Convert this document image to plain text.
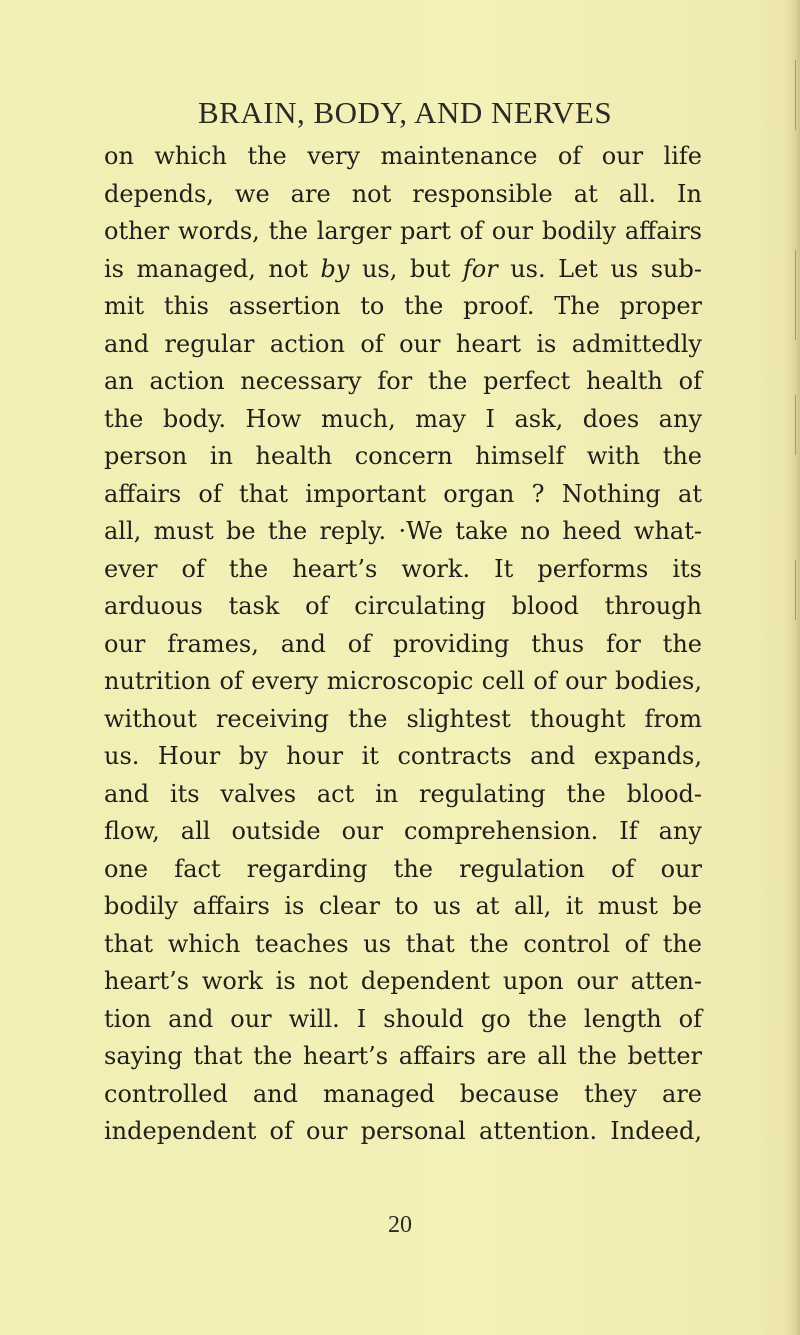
BRAIN, BODY, AND NERVES
on which the very maintenance of our life
depends, we are not responsible at all. In
other words, the larger part of our bodily affairs
is managed, not by us, but for us. Let us sub-
mit this assertion to the proof. The proper
and regular action of our heart is admittedly
an action necessary for the perfect health of
the body. How much, may I ask, does any
person in health concern himself with the
affairs of that important organ ? Nothing at
all, must be the reply. ·We take no heed what-
ever of the heart’s work. It performs its
arduous task of circulating blood through
our frames, and of providing thus for the
nutrition of every microscopic cell of our bodies,
without receiving the slightest thought from
us. Hour by hour it contracts and expands,
and its valves act in regulating the blood-
flow, all outside our comprehension. If any
one fact regarding the regulation of our
bodily affairs is clear to us at all, it must be
that which teaches us that the control of the
heart’s work is not dependent upon our atten-
tion and our will. I should go the length of
saying that the heart’s affairs are all the better
controlled and managed because they are
independent of our personal attention. Indeed,
20
